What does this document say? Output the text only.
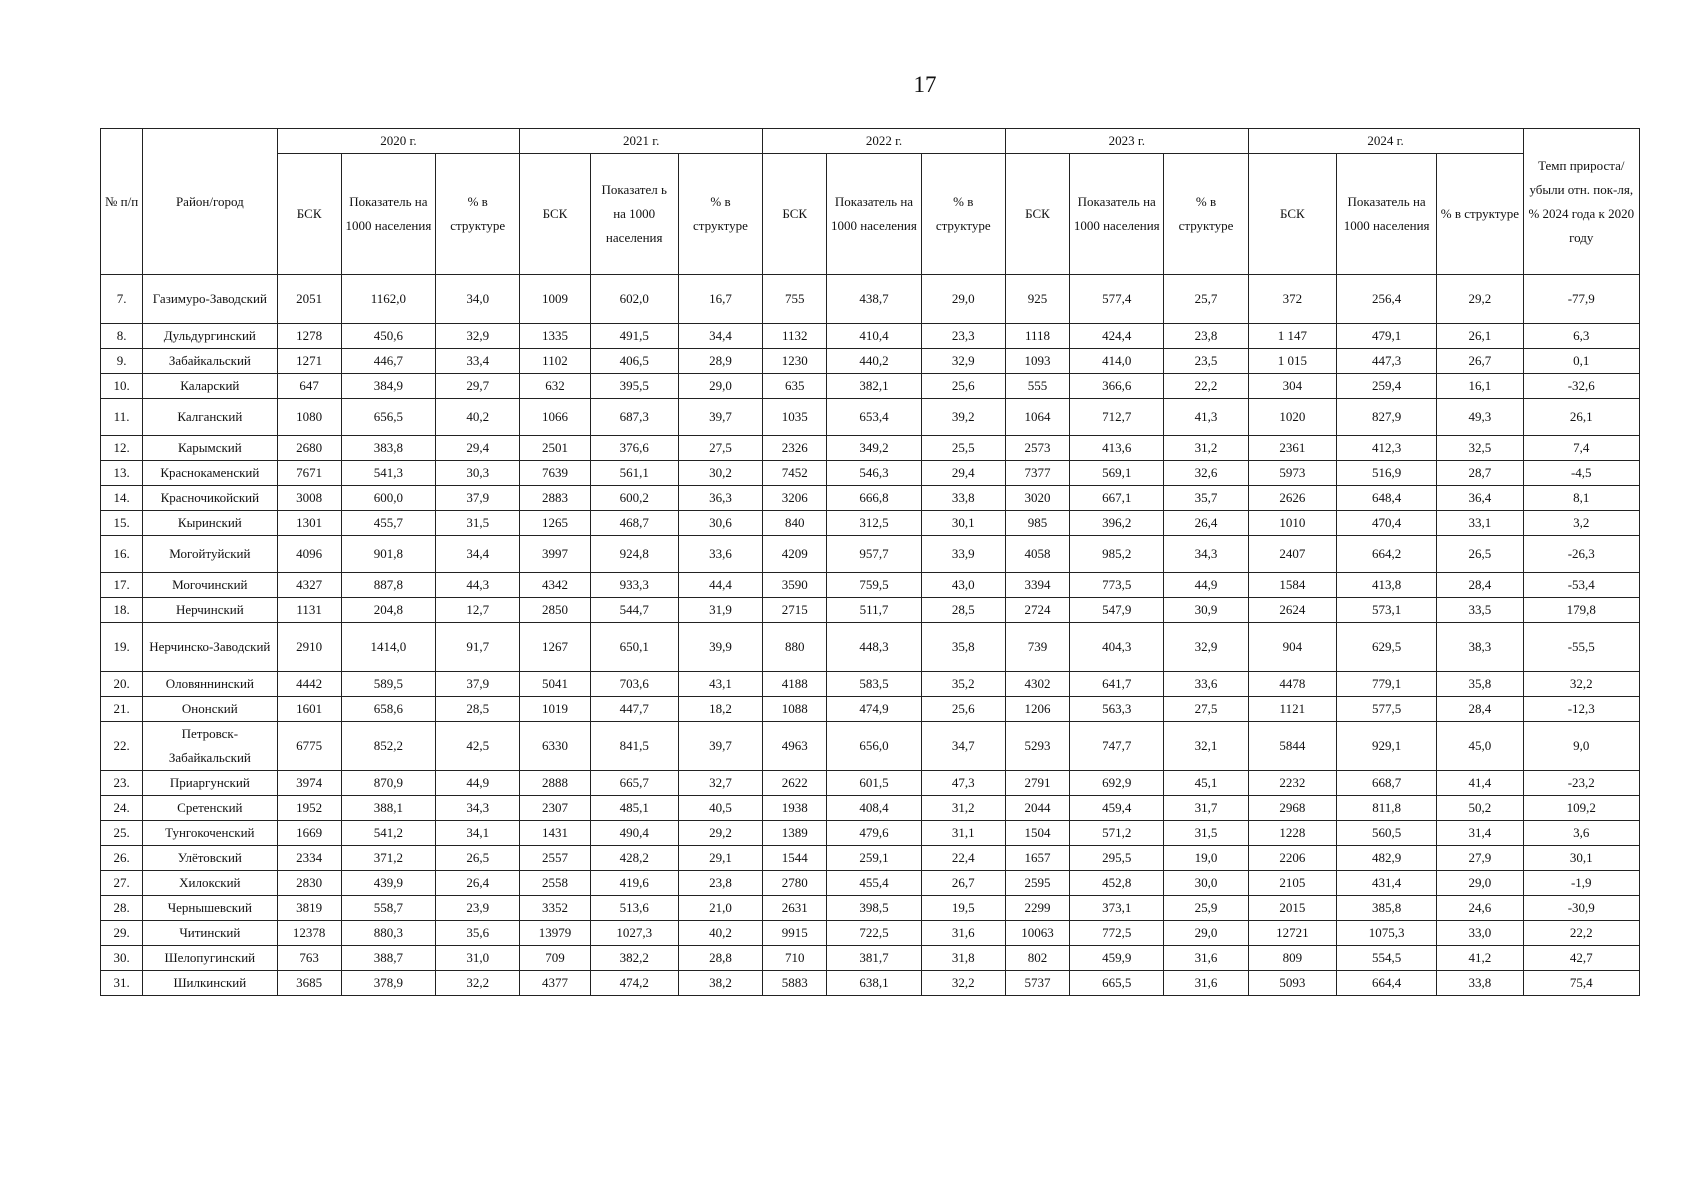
17
№ п/п	Район/город	2020 г.			2021 г.			2022 г.			2023 г.			2024 г.			Темп прироста/ убыли отн. пок-ля, % 2024 года к 2020 году
		БСК	Показатель на 1000 населения	% в структуре	БСК	Показател ь на 1000 населения	% в структуре	БСК	Показатель на 1000 населения	% в структуре	БСК	Показатель на 1000 населения	% в структуре	БСК	Показатель на 1000 населения	% в структуре	
7.	Газимуро-Заводский	2051	1162,0	34,0	1009	602,0	16,7	755	438,7	29,0	925	577,4	25,7	372	256,4	29,2	-77,9
8.	Дульдургинский	1278	450,6	32,9	1335	491,5	34,4	1132	410,4	23,3	1118	424,4	23,8	1 147	479,1	26,1	6,3
9.	Забайкальский	1271	446,7	33,4	1102	406,5	28,9	1230	440,2	32,9	1093	414,0	23,5	1 015	447,3	26,7	0,1
10.	Каларский	647	384,9	29,7	632	395,5	29,0	635	382,1	25,6	555	366,6	22,2	304	259,4	16,1	-32,6
11.	Калганский	1080	656,5	40,2	1066	687,3	39,7	1035	653,4	39,2	1064	712,7	41,3	1020	827,9	49,3	26,1
12.	Карымский	2680	383,8	29,4	2501	376,6	27,5	2326	349,2	25,5	2573	413,6	31,2	2361	412,3	32,5	7,4
13.	Краснокаменский	7671	541,3	30,3	7639	561,1	30,2	7452	546,3	29,4	7377	569,1	32,6	5973	516,9	28,7	-4,5
14.	Красночикойский	3008	600,0	37,9	2883	600,2	36,3	3206	666,8	33,8	3020	667,1	35,7	2626	648,4	36,4	8,1
15.	Кыринский	1301	455,7	31,5	1265	468,7	30,6	840	312,5	30,1	985	396,2	26,4	1010	470,4	33,1	3,2
16.	Могойтуйский	4096	901,8	34,4	3997	924,8	33,6	4209	957,7	33,9	4058	985,2	34,3	2407	664,2	26,5	-26,3
17.	Могочинский	4327	887,8	44,3	4342	933,3	44,4	3590	759,5	43,0	3394	773,5	44,9	1584	413,8	28,4	-53,4
18.	Нерчинский	1131	204,8	12,7	2850	544,7	31,9	2715	511,7	28,5	2724	547,9	30,9	2624	573,1	33,5	179,8
19.	Нерчинско-Заводский	2910	1414,0	91,7	1267	650,1	39,9	880	448,3	35,8	739	404,3	32,9	904	629,5	38,3	-55,5
20.	Оловяннинский	4442	589,5	37,9	5041	703,6	43,1	4188	583,5	35,2	4302	641,7	33,6	4478	779,1	35,8	32,2
21.	Ононский	1601	658,6	28,5	1019	447,7	18,2	1088	474,9	25,6	1206	563,3	27,5	1121	577,5	28,4	-12,3
22.	Петровск-Забайкальский	6775	852,2	42,5	6330	841,5	39,7	4963	656,0	34,7	5293	747,7	32,1	5844	929,1	45,0	9,0
23.	Приаргунский	3974	870,9	44,9	2888	665,7	32,7	2622	601,5	47,3	2791	692,9	45,1	2232	668,7	41,4	-23,2
24.	Сретенский	1952	388,1	34,3	2307	485,1	40,5	1938	408,4	31,2	2044	459,4	31,7	2968	811,8	50,2	109,2
25.	Тунгокоченский	1669	541,2	34,1	1431	490,4	29,2	1389	479,6	31,1	1504	571,2	31,5	1228	560,5	31,4	3,6
26.	Улётовский	2334	371,2	26,5	2557	428,2	29,1	1544	259,1	22,4	1657	295,5	19,0	2206	482,9	27,9	30,1
27.	Хилокский	2830	439,9	26,4	2558	419,6	23,8	2780	455,4	26,7	2595	452,8	30,0	2105	431,4	29,0	-1,9
28.	Чернышевский	3819	558,7	23,9	3352	513,6	21,0	2631	398,5	19,5	2299	373,1	25,9	2015	385,8	24,6	-30,9
29.	Читинский	12378	880,3	35,6	13979	1027,3	40,2	9915	722,5	31,6	10063	772,5	29,0	12721	1075,3	33,0	22,2
30.	Шелопугинский	763	388,7	31,0	709	382,2	28,8	710	381,7	31,8	802	459,9	31,6	809	554,5	41,2	42,7
31.	Шилкинский	3685	378,9	32,2	4377	474,2	38,2	5883	638,1	32,2	5737	665,5	31,6	5093	664,4	33,8	75,4
